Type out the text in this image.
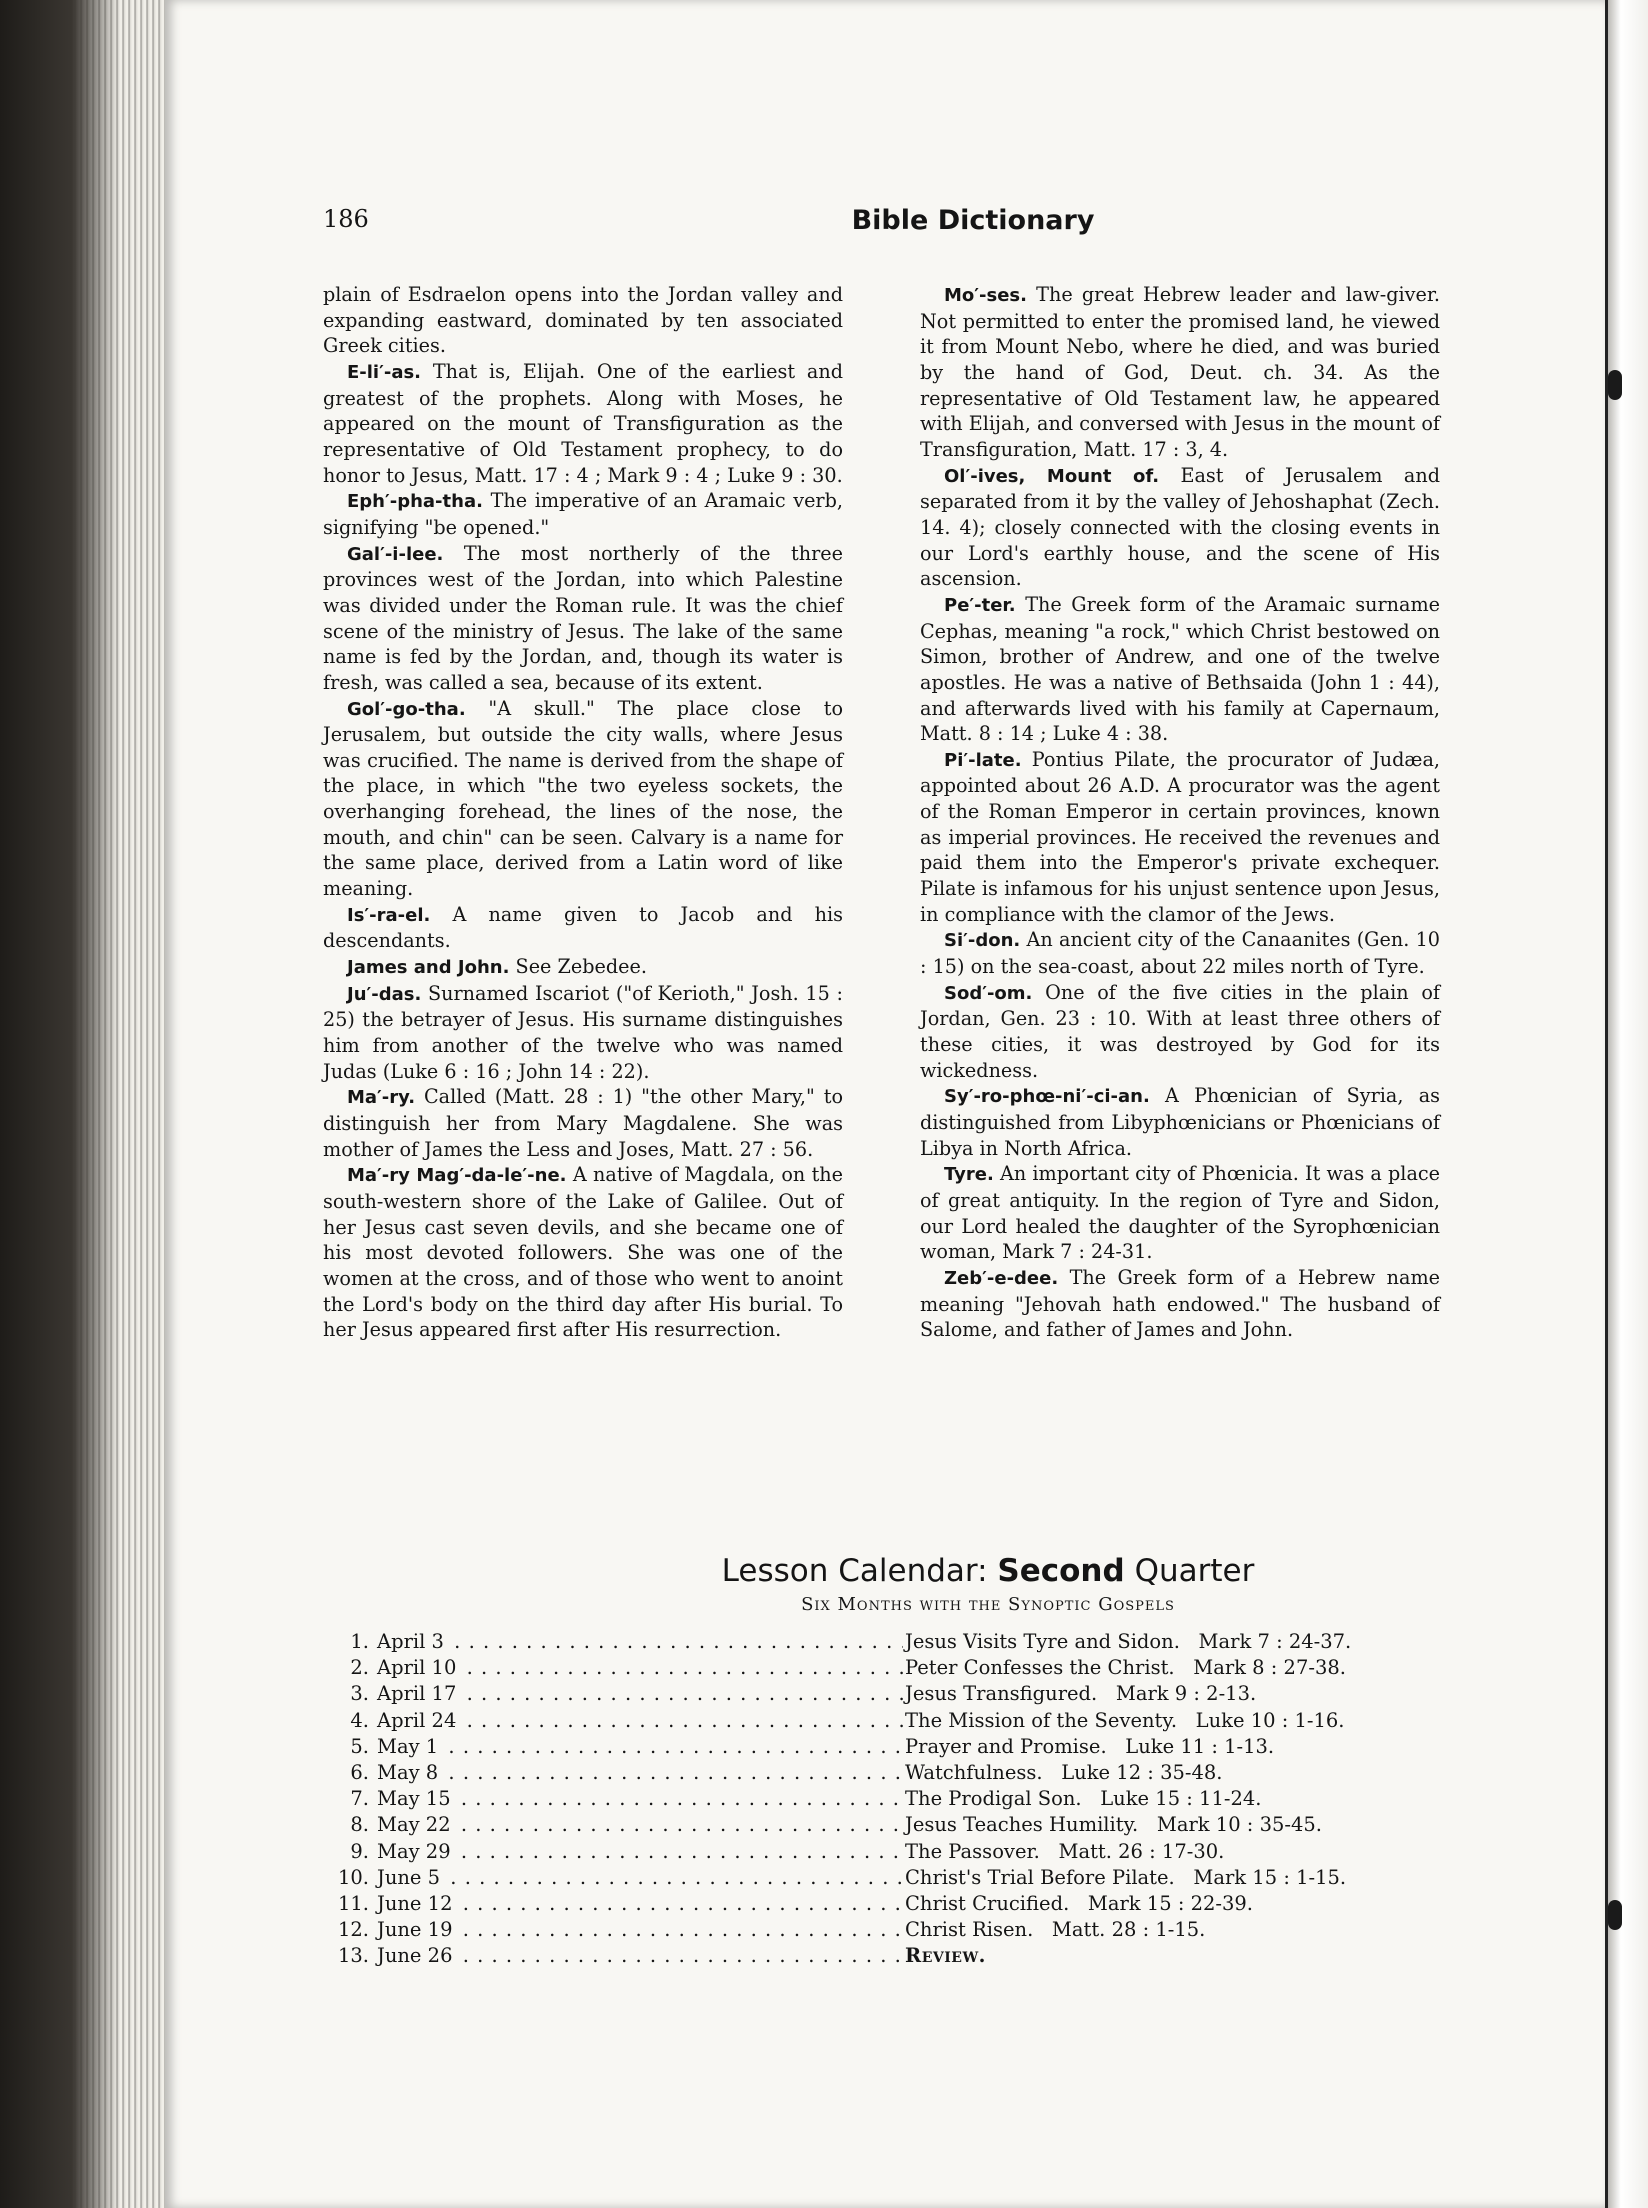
186	Bible Dictionary

plain of Esdraelon opens into the Jordan valley and expanding eastward, dominated by ten associated Greek cities.

E-li′-as. That is, Elijah. One of the earliest and greatest of the prophets. Along with Moses, he appeared on the mount of Transfiguration as the representative of Old Testament prophecy, to do honor to Jesus, Matt. 17 : 4 ; Mark 9 : 4 ; Luke 9 : 30.

Eph′-pha-tha. The imperative of an Aramaic verb, signifying "be opened."

Gal′-i-lee. The most northerly of the three provinces west of the Jordan, into which Palestine was divided under the Roman rule. It was the chief scene of the ministry of Jesus. The lake of the same name is fed by the Jordan, and, though its water is fresh, was called a sea, because of its extent.

Gol′-go-tha. "A skull." The place close to Jerusalem, but outside the city walls, where Jesus was crucified. The name is derived from the shape of the place, in which "the two eyeless sockets, the overhanging forehead, the lines of the nose, the mouth, and chin" can be seen. Calvary is a name for the same place, derived from a Latin word of like meaning.

Is′-ra-el. A name given to Jacob and his descendants.

James and John. See Zebedee.

Ju′-das. Surnamed Iscariot ("of Kerioth," Josh. 15 : 25) the betrayer of Jesus. His surname distinguishes him from another of the twelve who was named Judas (Luke 6 : 16 ; John 14 : 22).

Ma′-ry. Called (Matt. 28 : 1) "the other Mary," to distinguish her from Mary Magdalene. She was mother of James the Less and Joses, Matt. 27 : 56.

Ma′-ry Mag′-da-le′-ne. A native of Magdala, on the south-western shore of the Lake of Galilee. Out of her Jesus cast seven devils, and she became one of his most devoted followers. She was one of the women at the cross, and of those who went to anoint the Lord's body on the third day after His burial. To her Jesus appeared first after His resurrection.

Mo′-ses. The great Hebrew leader and law-giver. Not permitted to enter the promised land, he viewed it from Mount Nebo, where he died, and was buried by the hand of God, Deut. ch. 34. As the representative of Old Testament law, he appeared with Elijah, and conversed with Jesus in the mount of Transfiguration, Matt. 17 : 3, 4.

Ol′-ives, Mount of. East of Jerusalem and separated from it by the valley of Jehoshaphat (Zech. 14. 4); closely connected with the closing events in our Lord's earthly house, and the scene of His ascension.

Pe′-ter. The Greek form of the Aramaic surname Cephas, meaning "a rock," which Christ bestowed on Simon, brother of Andrew, and one of the twelve apostles. He was a native of Bethsaida (John 1 : 44), and afterwards lived with his family at Capernaum, Matt. 8 : 14 ; Luke 4 : 38.

Pi′-late. Pontius Pilate, the procurator of Judæa, appointed about 26 A.D. A procurator was the agent of the Roman Emperor in certain provinces, known as imperial provinces. He received the revenues and paid them into the Emperor's private exchequer. Pilate is infamous for his unjust sentence upon Jesus, in compliance with the clamor of the Jews.

Si′-don. An ancient city of the Canaanites (Gen. 10 : 15) on the sea-coast, about 22 miles north of Tyre.

Sod′-om. One of the five cities in the plain of Jordan, Gen. 23 : 10. With at least three others of these cities, it was destroyed by God for its wickedness.

Sy′-ro-phœ-ni′-ci-an. A Phœnician of Syria, as distinguished from Libyphœnicians or Phœnicians of Libya in North Africa.

Tyre. An important city of Phœnicia. It was a place of great antiquity. In the region of Tyre and Sidon, our Lord healed the daughter of the Syrophœnician woman, Mark 7 : 24-31.

Zeb′-e-dee. The Greek form of a Hebrew name meaning "Jehovah hath endowed." The husband of Salome, and father of James and John.

Lesson Calendar: Second Quarter
Six Months with the Synoptic Gospels
1. April 3 . . .	Jesus Visits Tyre and Sidon. Mark 7 : 24-37.
2. April 10 . . .	Peter Confesses the Christ. Mark 8 : 27-38.
3. April 17 . . .	Jesus Transfigured. Mark 9 : 2-13.
4. April 24 . . .	The Mission of the Seventy. Luke 10 : 1-16.
5. May 1 . . .	Prayer and Promise. Luke 11 : 1-13.
6. May 8 . . .	Watchfulness. Luke 12 : 35-48.
7. May 15 . . .	The Prodigal Son. Luke 15 : 11-24.
8. May 22 . . .	Jesus Teaches Humility. Mark 10 : 35-45.
9. May 29 . . .	The Passover. Matt. 26 : 17-30.
10. June 5 . . .	Christ's Trial Before Pilate. Mark 15 : 1-15.
11. June 12 . . .	Christ Crucified. Mark 15 : 22-39.
12. June 19 . . .	Christ Risen. Matt. 28 : 1-15.
13. June 26 . . .	Review.
